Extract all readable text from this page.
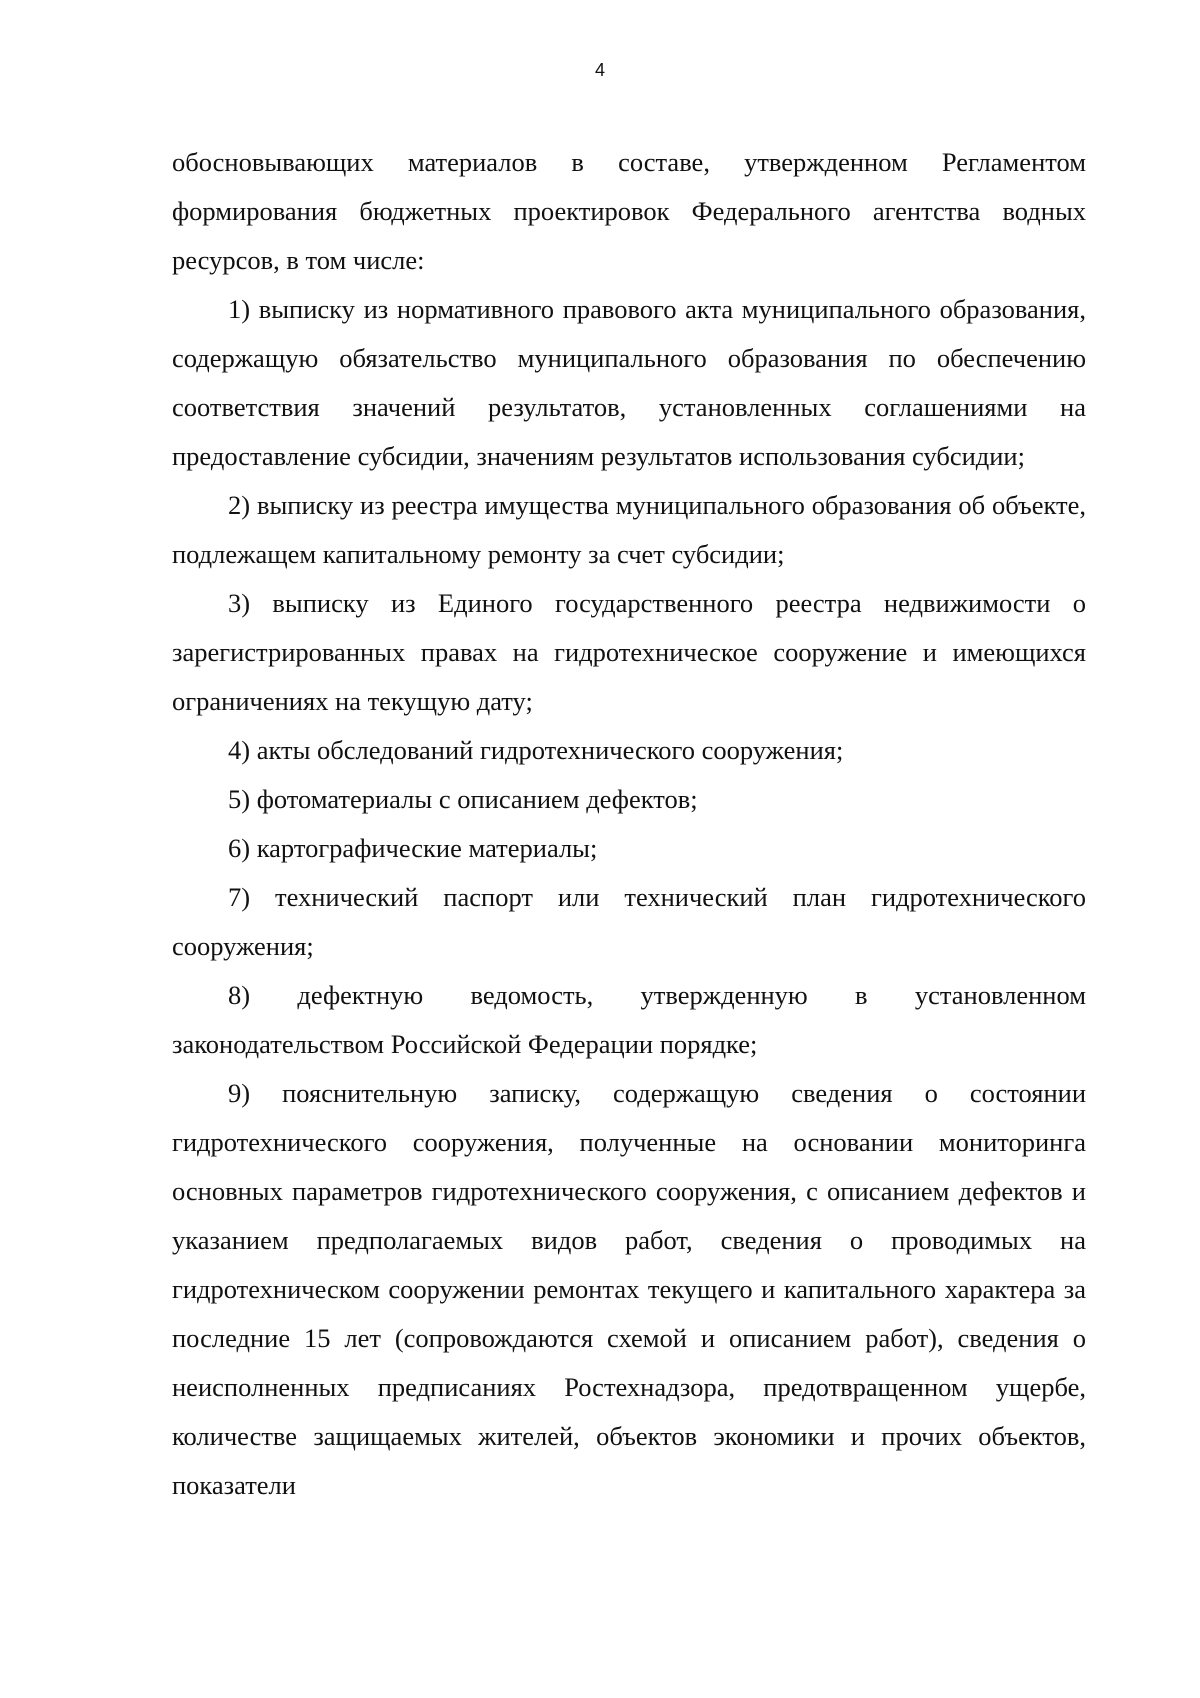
4

обосновывающих материалов в составе, утвержденном Регламентом формирования бюджетных проектировок Федерального агентства водных ресурсов, в том числе:

1) выписку из нормативного правового акта муниципального образования, содержащую обязательство муниципального образования по обеспечению соответствия значений результатов, установленных соглашениями на предоставление субсидии, значениям результатов использования субсидии;

2) выписку из реестра имущества муниципального образования об объекте, подлежащем капитальному ремонту за счет субсидии;

3) выписку из Единого государственного реестра недвижимости о зарегистрированных правах на гидротехническое сооружение и имеющихся ограничениях на текущую дату;

4) акты обследований гидротехнического сооружения;

5) фотоматериалы с описанием дефектов;

6) картографические материалы;

7) технический паспорт или технический план гидротехнического сооружения;

8) дефектную ведомость, утвержденную в установленном законодательством Российской Федерации порядке;

9) пояснительную записку, содержащую сведения о состоянии гидротехнического сооружения, полученные на основании мониторинга основных параметров гидротехнического сооружения, с описанием дефектов и указанием предполагаемых видов работ, сведения о проводимых на гидротехническом сооружении ремонтах текущего и капитального характера за последние 15 лет (сопровождаются схемой и описанием работ), сведения о неисполненных предписаниях Ростехнадзора, предотвращенном ущербе, количестве защищаемых жителей, объектов экономики и прочих объектов, показатели
